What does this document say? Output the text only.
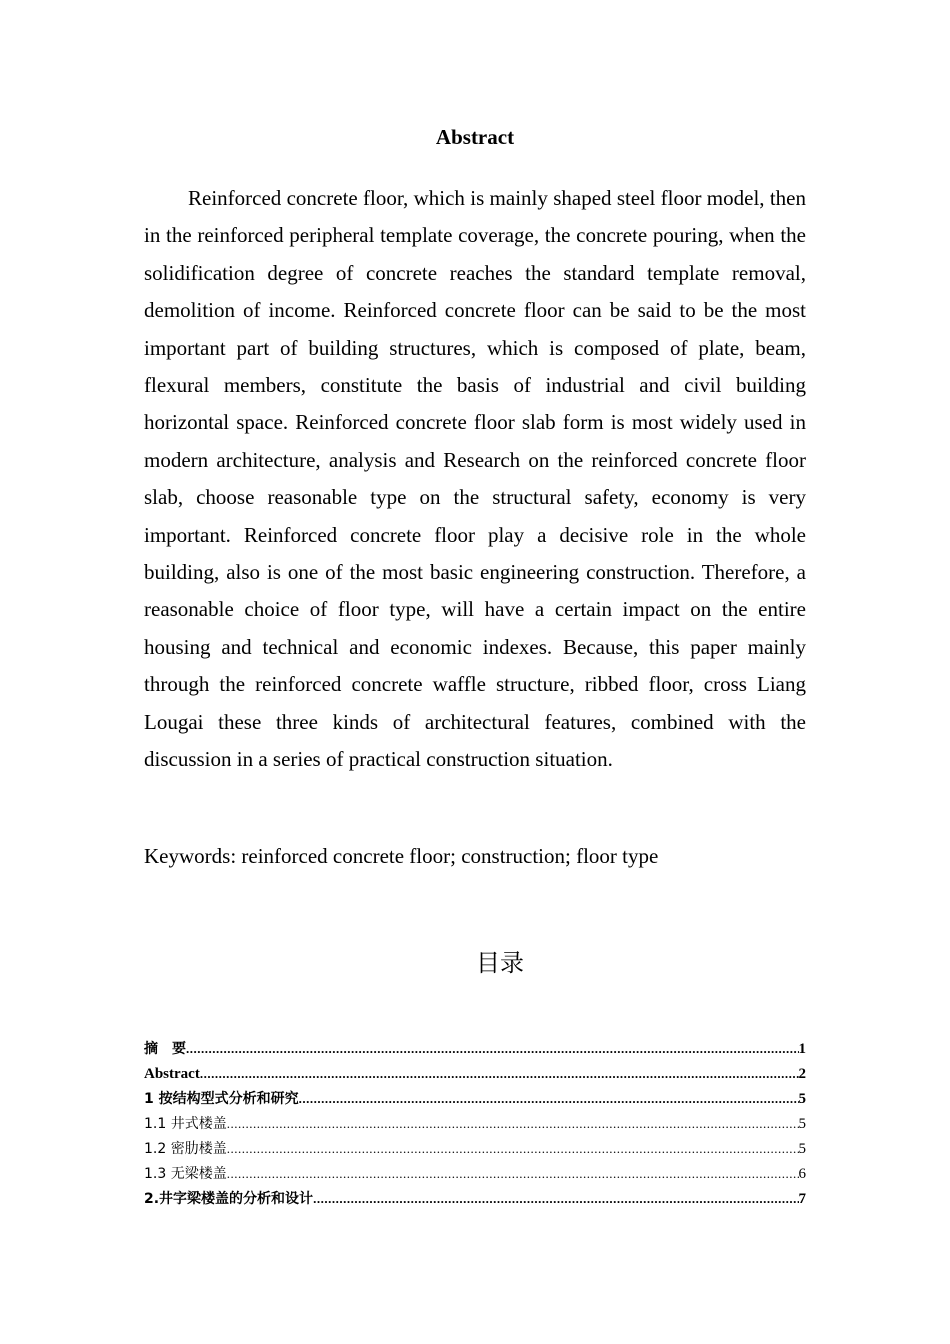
Abstract

Reinforced concrete floor, which is mainly shaped steel floor model, then in the reinforced peripheral template coverage, the concrete pouring, when the solidification degree of concrete reaches the standard template removal, demolition of income. Reinforced concrete floor can be said to be the most important part of building structures, which is composed of plate, beam, flexural members, constitute the basis of industrial and civil building horizontal space. Reinforced concrete floor slab form is most widely used in modern architecture, analysis and Research on the reinforced concrete floor slab, choose reasonable type on the structural safety, economy is very important. Reinforced concrete floor play a decisive role in the whole building, also is one of the most basic engineering construction. Therefore, a reasonable choice of floor type, will have a certain impact on the entire housing and technical and economic indexes. Because, this paper mainly through the reinforced concrete waffle structure, ribbed floor, cross Liang Lougai these three kinds of architectural features, combined with the discussion in a series of practical construction situation.

Keywords: reinforced concrete floor; construction; floor type
目录
摘　要 .....	1
Abstract .....	2
1 按结构型式分析和研究 .....	5
1.1 井式楼盖 .....	5
1.2 密肋楼盖 .....	5
1.3 无梁楼盖 .....	6
2.井字梁楼盖的分析和设计 .....	7
